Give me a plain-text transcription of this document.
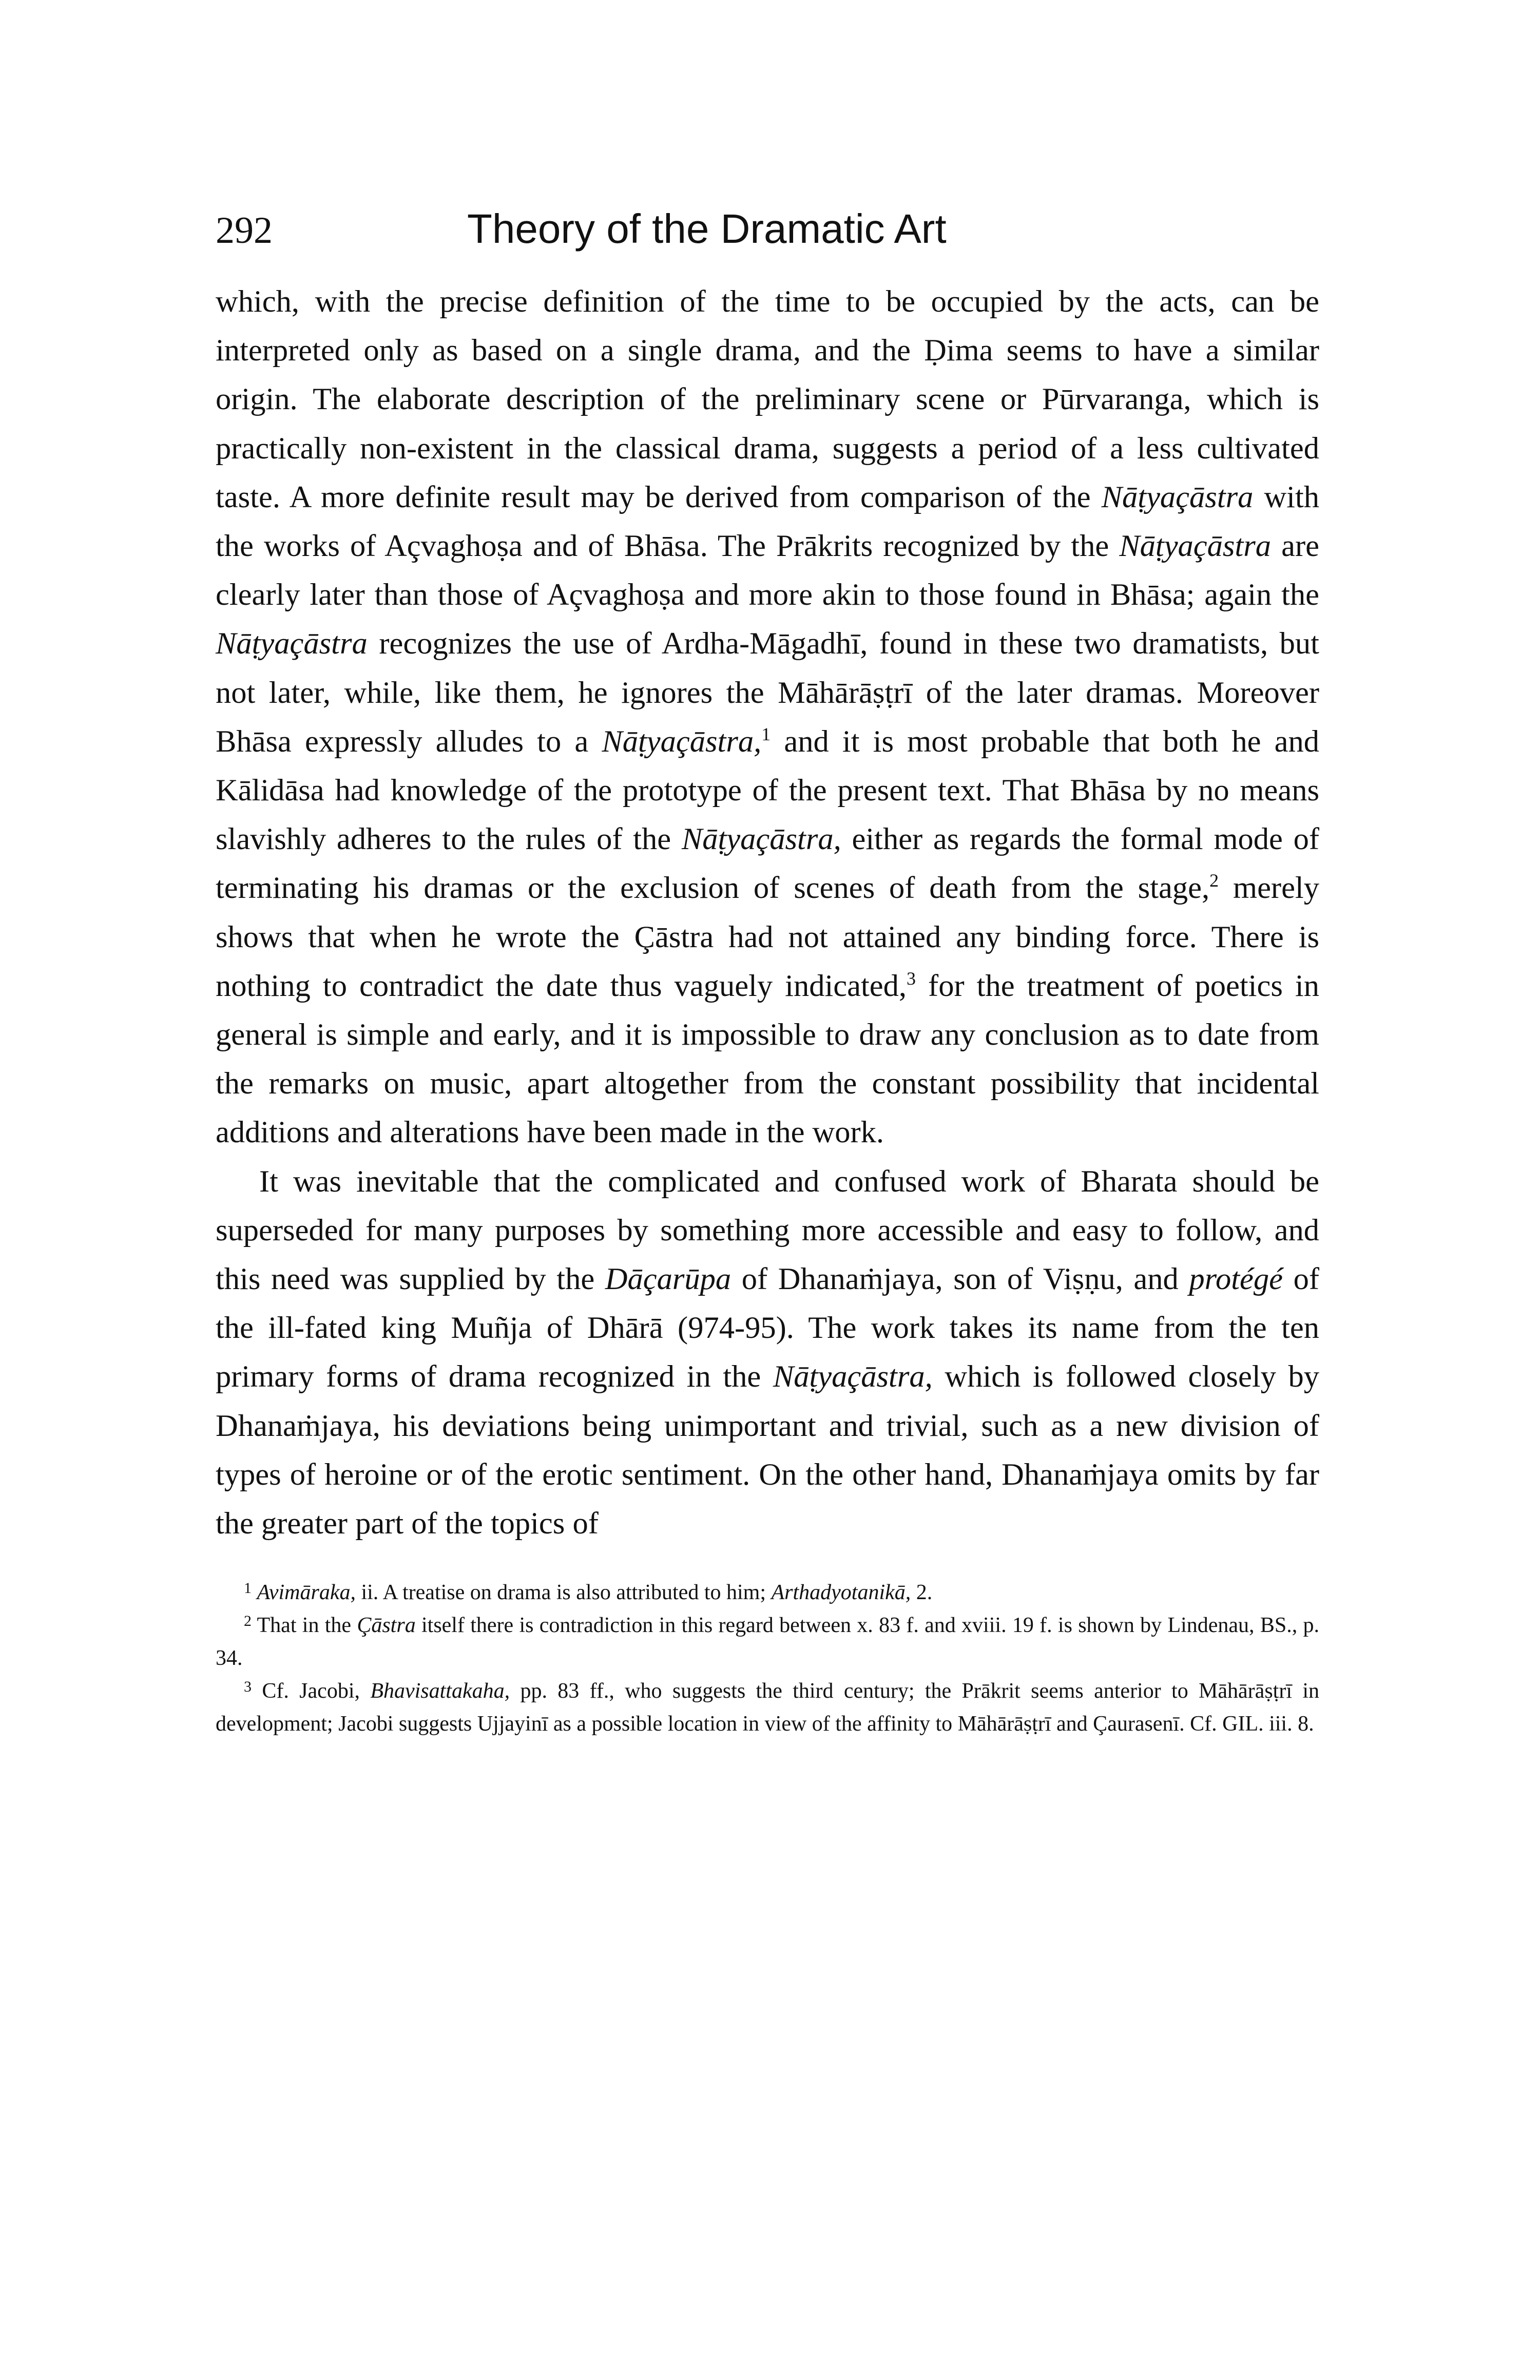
292	Theory of the Dramatic Art

which, with the precise definition of the time to be occupied by the acts, can be interpreted only as based on a single drama, and the Ḍima seems to have a similar origin. The elaborate description of the preliminary scene or Pūrvaranga, which is practically non-existent in the classical drama, suggests a period of a less cultivated taste. A more definite result may be derived from comparison of the Nāṭyaçāstra with the works of Açvaghoṣa and of Bhāsa. The Prākrits recognized by the Nāṭyaçāstra are clearly later than those of Açvaghoṣa and more akin to those found in Bhāsa; again the Nāṭyaçāstra recognizes the use of Ardha-Māgadhī, found in these two dramatists, but not later, while, like them, he ignores the Māhārāṣṭrī of the later dramas. Moreover Bhāsa expressly alludes to a Nāṭyaçāstra,$^1$ and it is most probable that both he and Kālidāsa had knowledge of the prototype of the present text. That Bhāsa by no means slavishly adheres to the rules of the Nāṭyaçāstra, either as regards the formal mode of terminating his dramas or the exclusion of scenes of death from the stage,$^2$ merely shows that when he wrote the Çāstra had not attained any binding force. There is nothing to contradict the date thus vaguely indicated,$^3$ for the treatment of poetics in general is simple and early, and it is impossible to draw any conclusion as to date from the remarks on music, apart altogether from the constant possibility that incidental additions and alterations have been made in the work.

It was inevitable that the complicated and confused work of Bharata should be superseded for many purposes by something more accessible and easy to follow, and this need was supplied by the Dāçarūpa of Dhanaṁjaya, son of Viṣṇu, and protégé of the ill-fated king Muñja of Dhārā (974-95). The work takes its name from the ten primary forms of drama recognized in the Nāṭyaçāstra, which is followed closely by Dhanaṁjaya, his deviations being unimportant and trivial, such as a new division of types of heroine or of the erotic sentiment. On the other hand, Dhanaṁjaya omits by far the greater part of the topics of

$^1$ Avimāraka, ii. A treatise on drama is also attributed to him; Arthadyotanikā, 2.

$^2$ That in the Çāstra itself there is contradiction in this regard between x. 83 f. and xviii. 19 f. is shown by Lindenau, BS., p. 34.

$^3$ Cf. Jacobi, Bhavisattakaha, pp. 83 ff., who suggests the third century; the Prākrit seems anterior to Māhārāṣṭrī in development; Jacobi suggests Ujjayinī as a possible location in view of the affinity to Māhārāṣṭrī and Çaurasenī. Cf. GIL. iii. 8.
